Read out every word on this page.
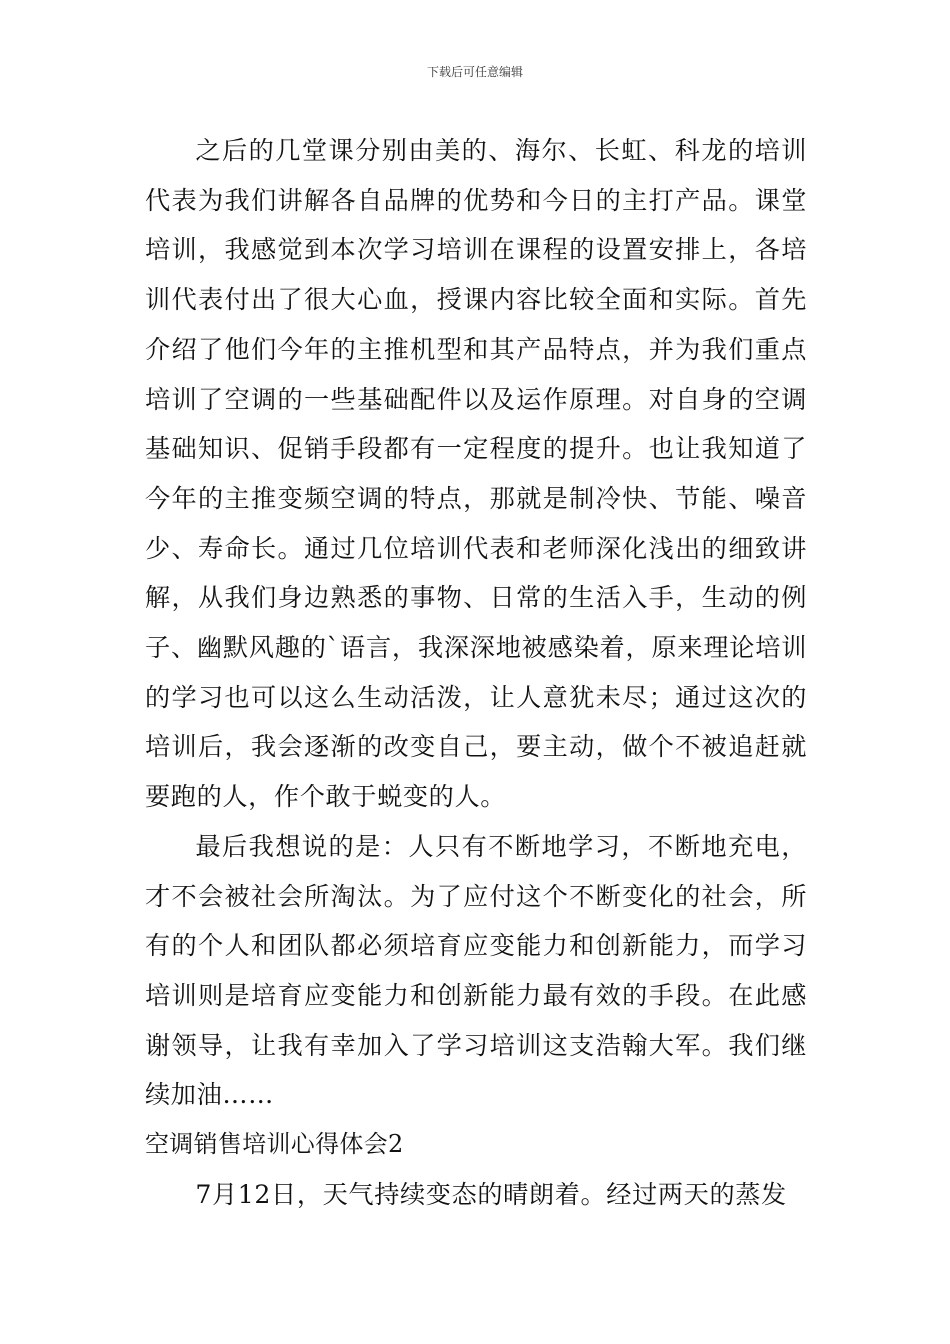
下载后可任意编辑

之后的几堂课分别由美的、海尔、长虹、科龙的培训代表为我们讲解各自品牌的优势和今日的主打产品。课堂培训，我感觉到本次学习培训在课程的设置安排上，各培训代表付出了很大心血，授课内容比较全面和实际。首先介绍了他们今年的主推机型和其产品特点，并为我们重点培训了空调的一些基础配件以及运作原理。对自身的空调基础知识、促销手段都有一定程度的提升。也让我知道了今年的主推变频空调的特点，那就是制冷快、节能、噪音少、寿命长。通过几位培训代表和老师深化浅出的细致讲解，从我们身边熟悉的事物、日常的生活入手，生动的例子、幽默风趣的`语言，我深深地被感染着，原来理论培训的学习也可以这么生动活泼，让人意犹未尽；通过这次的培训后，我会逐渐的改变自己，要主动，做个不被追赶就要跑的人，作个敢于蜕变的人。

最后我想说的是：人只有不断地学习，不断地充电，才不会被社会所淘汰。为了应付这个不断变化的社会，所有的个人和团队都必须培育应变能力和创新能力，而学习培训则是培育应变能力和创新能力最有效的手段。在此感谢领导，让我有幸加入了学习培训这支浩翰大军。我们继续加油……

空调销售培训心得体会2

7月12日，天气持续变态的晴朗着。经过两天的蒸发
